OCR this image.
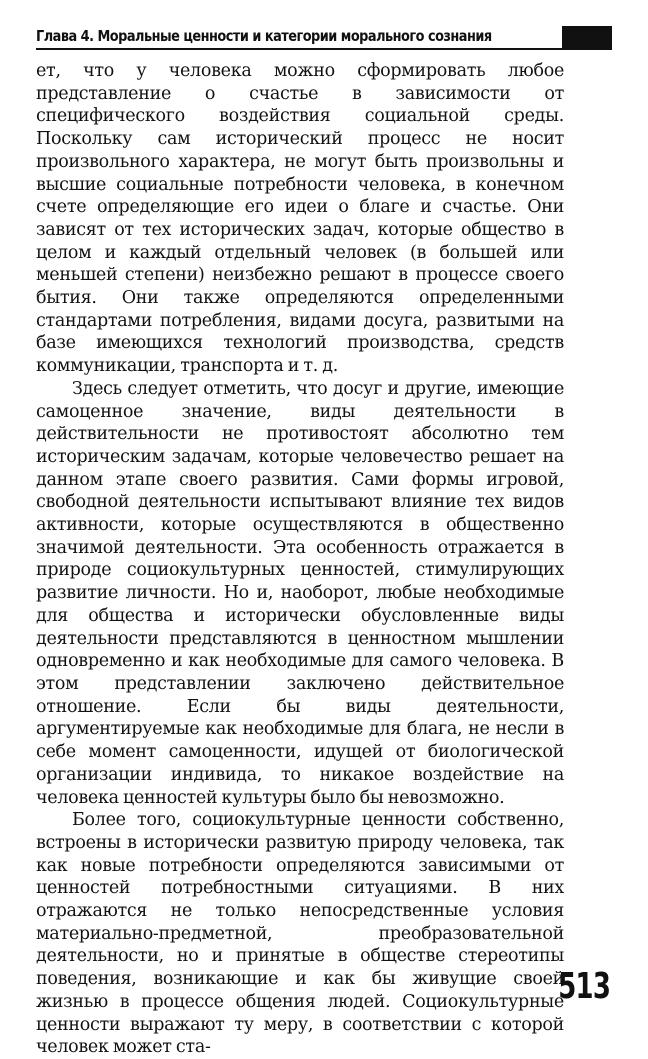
Глава 4. Моральные ценности и категории морального сознания

ет, что у человека можно сформировать любое представление о счастье в зависимости от специфического воздействия социальной среды. Поскольку сам исторический процесс не носит произвольного характера, не могут быть произвольны и высшие социальные потребности человека, в конечном счете определяющие его идеи о благе и счастье. Они зависят от тех исторических задач, которые общество в целом и каждый отдельный человек (в большей или меньшей степени) неизбежно решают в процессе своего бытия. Они также определяются определенными стандартами потребления, видами досуга, развитыми на базе имеющихся технологий производства, средств коммуникации, транспорта и т. д.

Здесь следует отметить, что досуг и другие, имеющие самоценное значение, виды деятельности в действительности не противостоят абсолютно тем историческим задачам, которые человечество решает на данном этапе своего развития. Сами формы игровой, свободной деятельности испытывают влияние тех видов активности, которые осуществляются в общественно значимой деятельности. Эта особенность отражается в природе социокультурных ценностей, стимулирующих развитие личности. Но и, наоборот, любые необходимые для общества и исторически обусловленные виды деятельности представляются в ценностном мышлении одновременно и как необходимые для самого человека. В этом представлении заключено действительное отношение. Если бы виды деятельности, аргументируемые как необходимые для блага, не несли в себе момент самоценности, идущей от биологической организации индивида, то никакое воздействие на человека ценностей культуры было бы невозможно.

Более того, социокультурные ценности собственно, встроены в исторически развитую природу человека, так как новые потребности определяются зависимыми от ценностей потребностными ситуациями. В них отражаются не только непосредственные условия материально-предметной, преобразовательной деятельности, но и принятые в обществе стереотипы поведения, возникающие и как бы живущие своей жизнью в процессе общения людей. Социокультурные ценности выражают ту меру, в соответствии с которой человек может ста-

513
